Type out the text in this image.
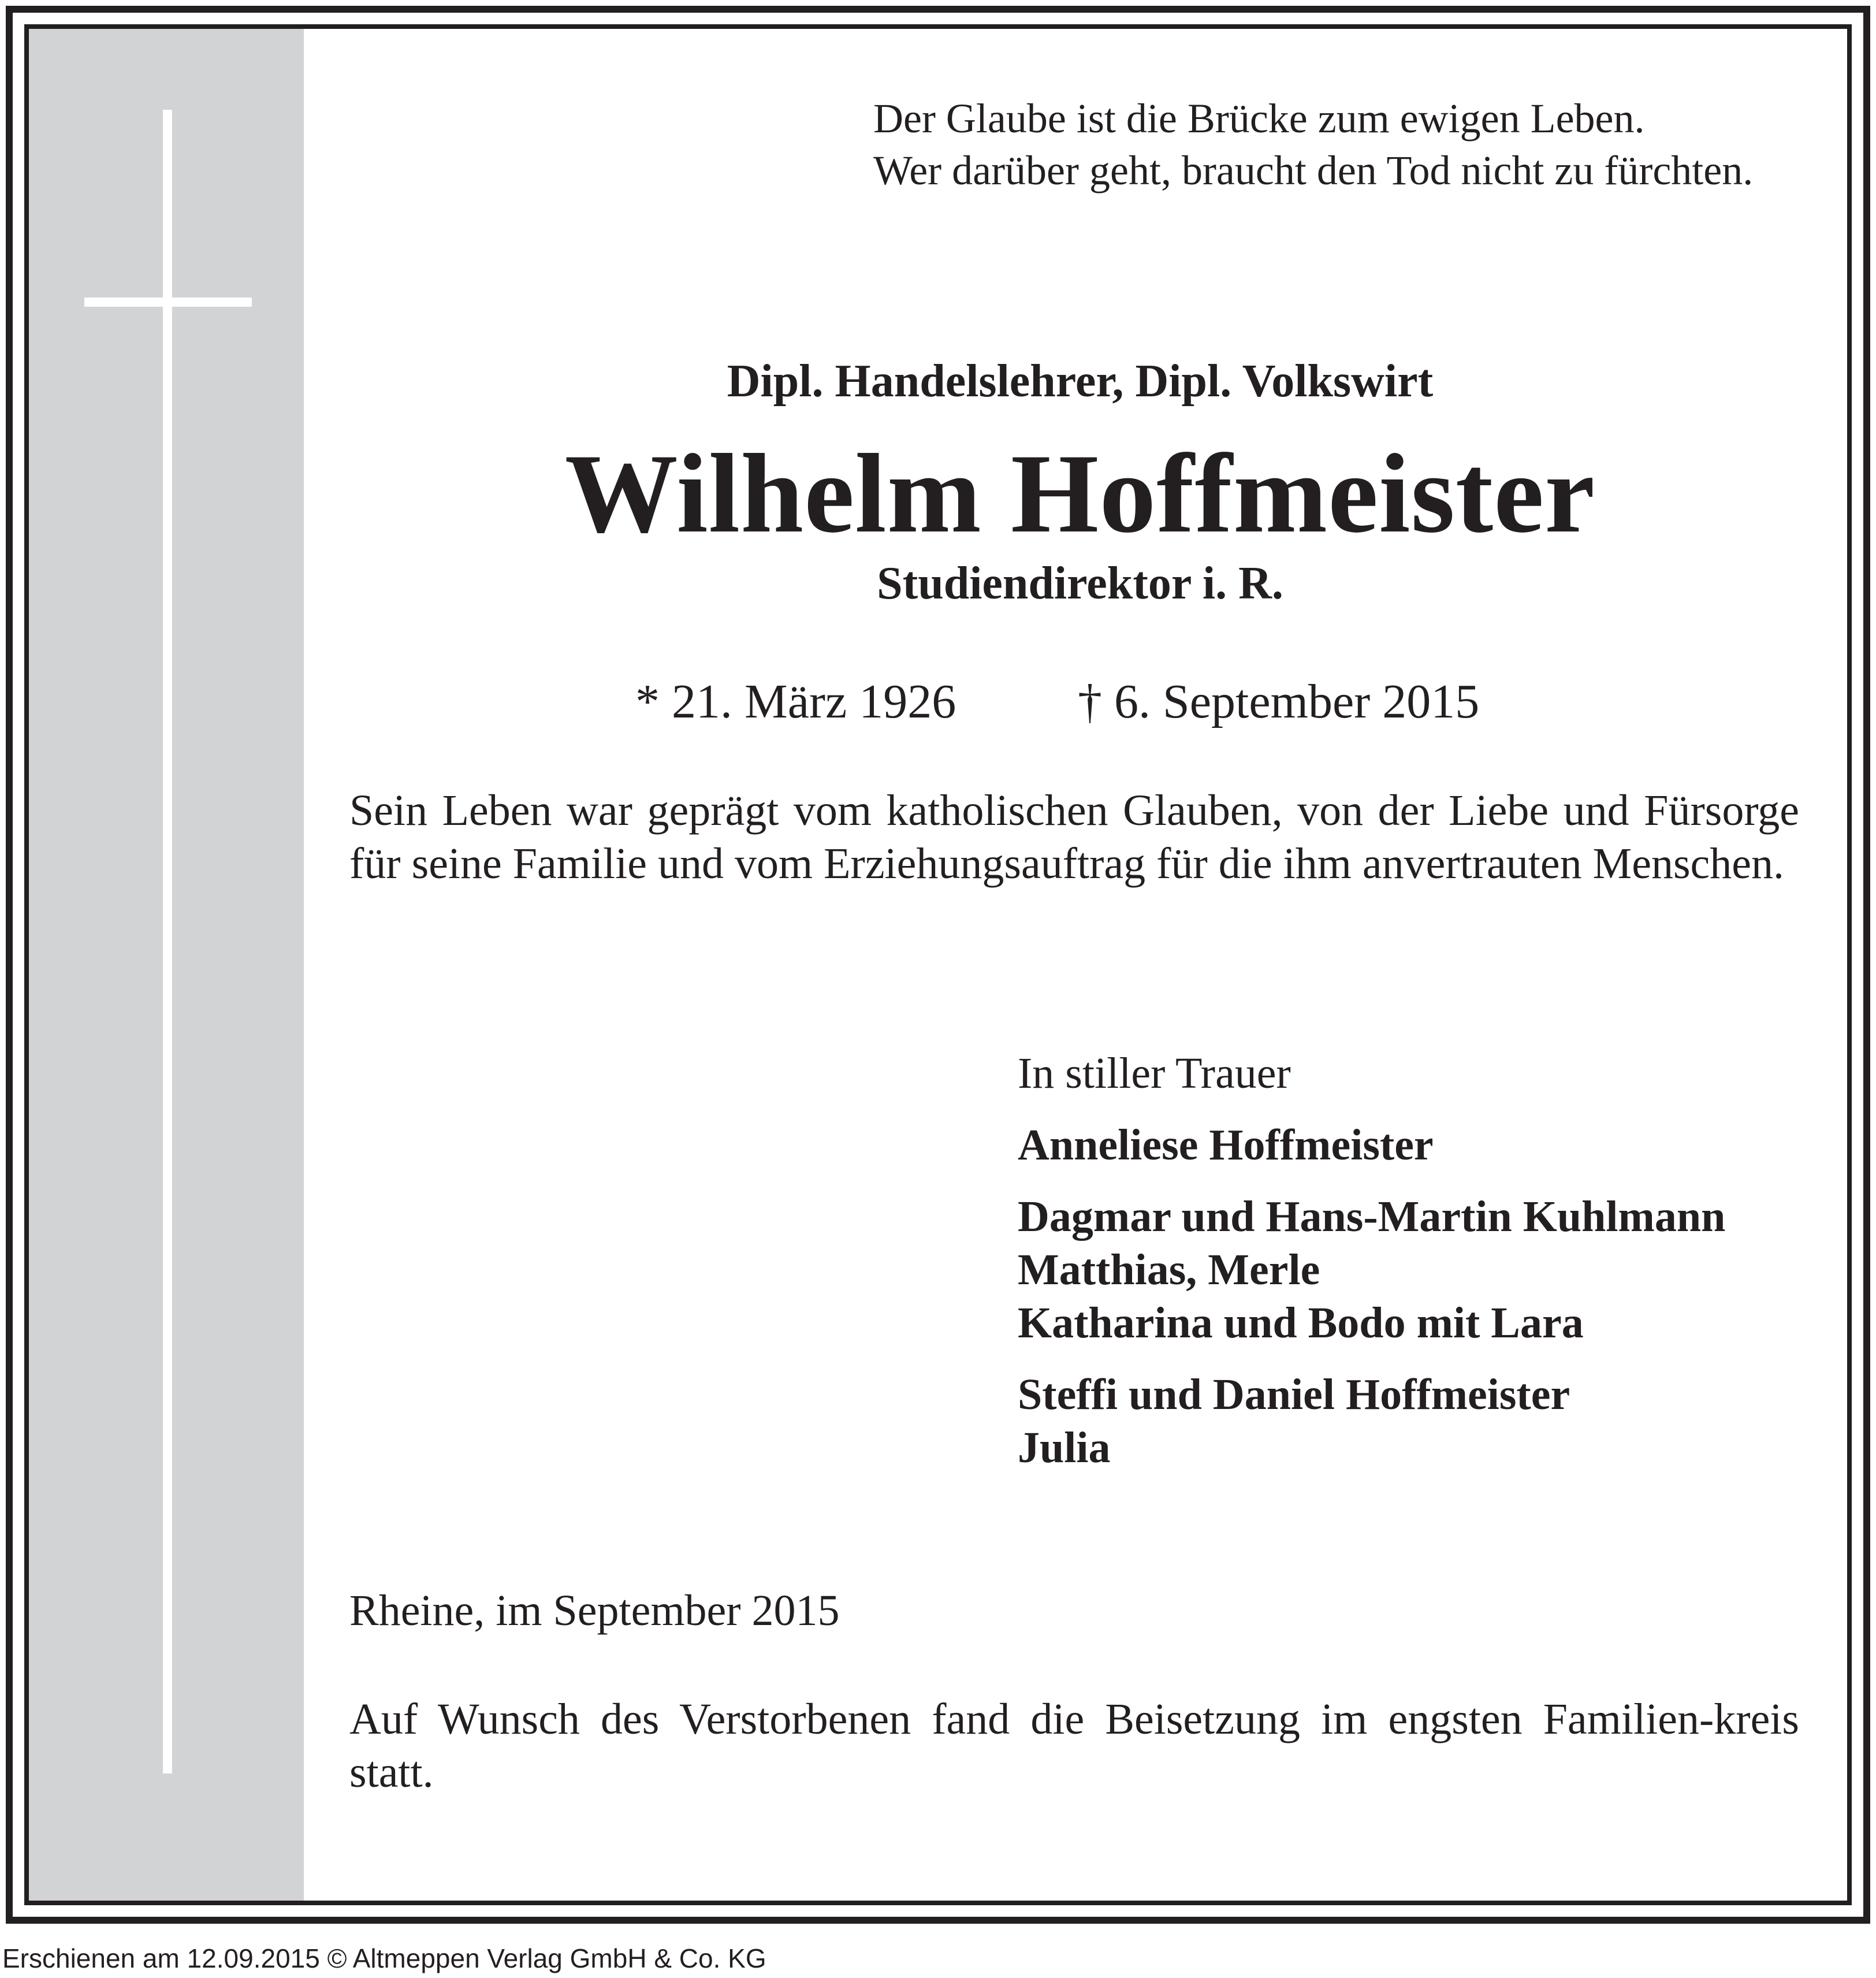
Der Glaube ist die Brücke zum ewigen Leben.
Wer darüber geht, braucht den Tod nicht zu fürchten.
Dipl. Handelslehrer, Dipl. Volkswirt
Wilhelm Hoffmeister
Studiendirektor i. R.
* 21. März 1926	† 6. September 2015
Sein Leben war geprägt vom katholischen Glauben, von der Liebe und Fürsorge für seine Familie und vom Erziehungsauftrag für die ihm anvertrauten Menschen.
In stiller Trauer
Anneliese Hoffmeister
Dagmar und Hans-Martin Kuhlmann
Matthias, Merle
Katharina und Bodo mit Lara
Steffi und Daniel Hoffmeister
Julia
Rheine, im September 2015
Auf Wunsch des Verstorbenen fand die Beisetzung im engsten Familien-kreis statt.
Erschienen am 12.09.2015 © Altmeppen Verlag GmbH & Co. KG
